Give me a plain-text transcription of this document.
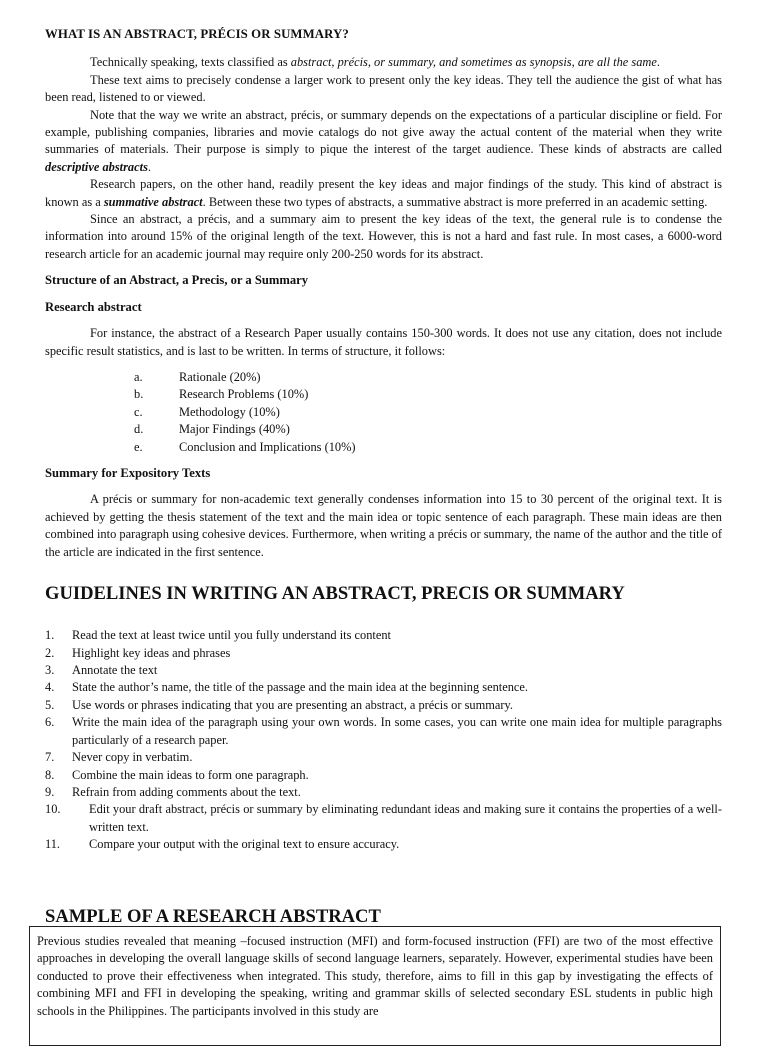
WHAT IS AN ABSTRACT, PRÉCIS OR SUMMARY?

Technically speaking, texts classified as abstract, précis, or summary, and sometimes as synopsis, are all the same.

These text aims to precisely condense a larger work to present only the key ideas. They tell the audience the gist of what has been read, listened to or viewed.

Note that the way we write an abstract, précis, or summary depends on the expectations of a particular discipline or field. For example, publishing companies, libraries and movie catalogs do not give away the actual content of the material when they write summaries of materials. Their purpose is simply to pique the interest of the target audience. These kinds of abstracts are called descriptive abstracts.

Research papers, on the other hand, readily present the key ideas and major findings of the study. This kind of abstract is known as a summative abstract. Between these two types of abstracts, a summative abstract is more preferred in an academic setting.

Since an abstract, a précis, and a summary aim to present the key ideas of the text, the general rule is to condense the information into around 15% of the original length of the text. However, this is not a hard and fast rule. In most cases, a 6000-word research article for an academic journal may require only 200-250 words for its abstract.

Structure of an Abstract, a Precis, or a Summary
Research abstract

For instance, the abstract of a Research Paper usually contains 150-300 words. It does not use any citation, does not include specific result statistics, and is last to be written. In terms of structure, it follows:

a.	Rationale (20%)
b.	Research Problems (10%)
c.	Methodology (10%)
d.	Major Findings (40%)
e.	Conclusion and Implications (10%)
Summary for Expository Texts

A précis or summary for non-academic text generally condenses information into 15 to 30 percent of the original text. It is achieved by getting the thesis statement of the text and the main idea or topic sentence of each paragraph. These main ideas are then combined into paragraph using cohesive devices. Furthermore, when writing a précis or summary, the name of the author and the title of the article are indicated in the first sentence.

GUIDELINES IN WRITING AN ABSTRACT, PRECIS OR SUMMARY
1.	Read the text at least twice until you fully understand its content
2.	Highlight key ideas and phrases
3.	Annotate the text
4.	State the author’s name, the title of the passage and the main idea at the beginning sentence.
5.	Use words or phrases indicating that you are presenting an abstract, a précis or summary.
6.	Write the main idea of the paragraph using your own words. In some cases, you can write one main idea for multiple paragraphs particularly of a research paper.
7.	Never copy in verbatim.
8.	Combine the main ideas to form one paragraph.
9.	Refrain from adding comments about the text.
10.	Edit your draft abstract, précis or summary by eliminating redundant ideas and making sure it contains the properties of a well-written text.
11.	Compare your output with the original text to ensure accuracy.
SAMPLE OF A RESEARCH ABSTRACT

Previous studies revealed that meaning –focused instruction (MFI) and form-focused instruction (FFI) are two of the most effective approaches in developing the overall language skills of second language learners, separately. However, experimental studies have been conducted to prove their effectiveness when integrated. This study, therefore, aims to fill in this gap by investigating the effects of combining MFI and FFI in developing the speaking, writing and grammar skills of selected secondary ESL students in public high schools in the Philippines. The participants involved in this study are
